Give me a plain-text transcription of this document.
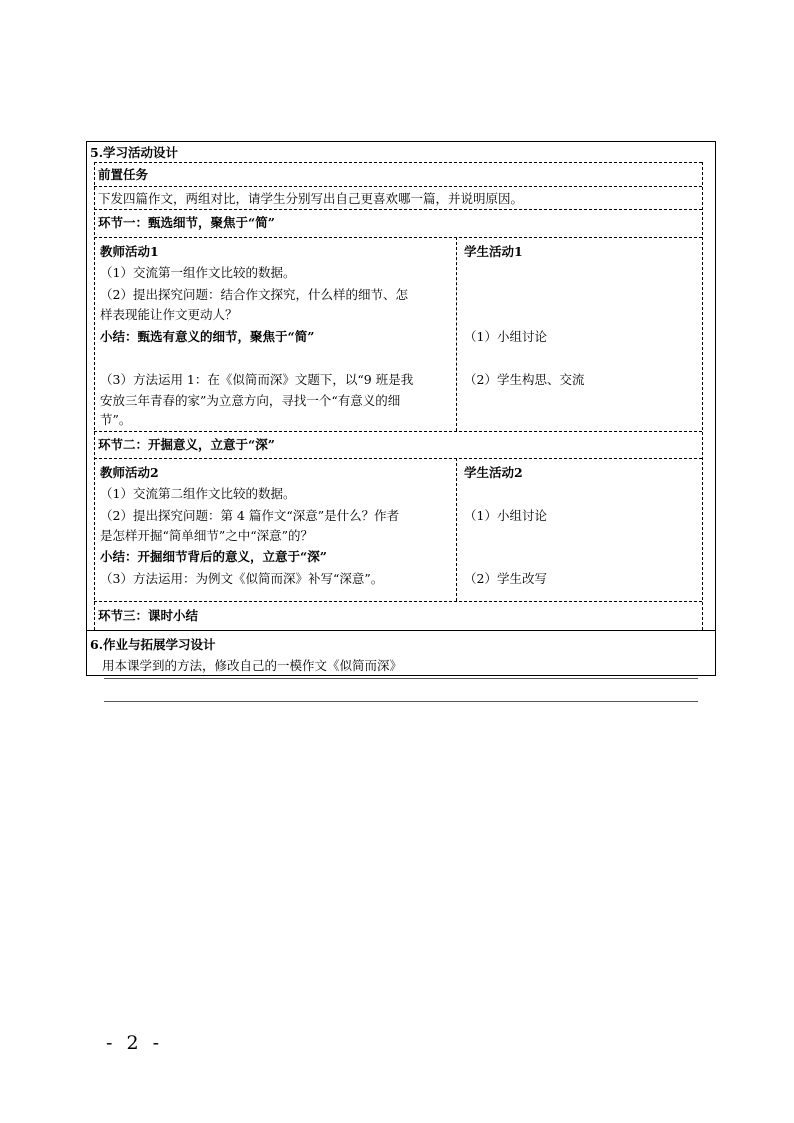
5.学习活动设计
前置任务
下发四篇作文，两组对比，请学生分别写出自己更喜欢哪一篇，并说明原因。
环节一：甄选细节，聚焦于“简”
教师活动1
（1）交流第一组作文比较的数据。
（2）提出探究问题：结合作文探究，什么样的细节、怎
样表现能让作文更动人？
小结：甄选有意义的细节，聚焦于“简”
（3）方法运用 1：在《似简而深》文题下，以“9 班是我
安放三年青春的家”为立意方向，寻找一个“有意义的细
节”。
学生活动1
（1）小组讨论
（2）学生构思、交流
环节二：开掘意义，立意于“深”
教师活动2
（1）交流第二组作文比较的数据。
（2）提出探究问题：第 4 篇作文“深意”是什么？作者
是怎样开掘“简单细节”之中“深意”的？
小结：开掘细节背后的意义，立意于“深”
（3）方法运用：为例文《似简而深》补写“深意”。
学生活动2
（1）小组讨论
（2）学生改写
环节三：课时小结
6.作业与拓展学习设计
用本课学到的方法，修改自己的一模作文《似简而深》
- 2 -
